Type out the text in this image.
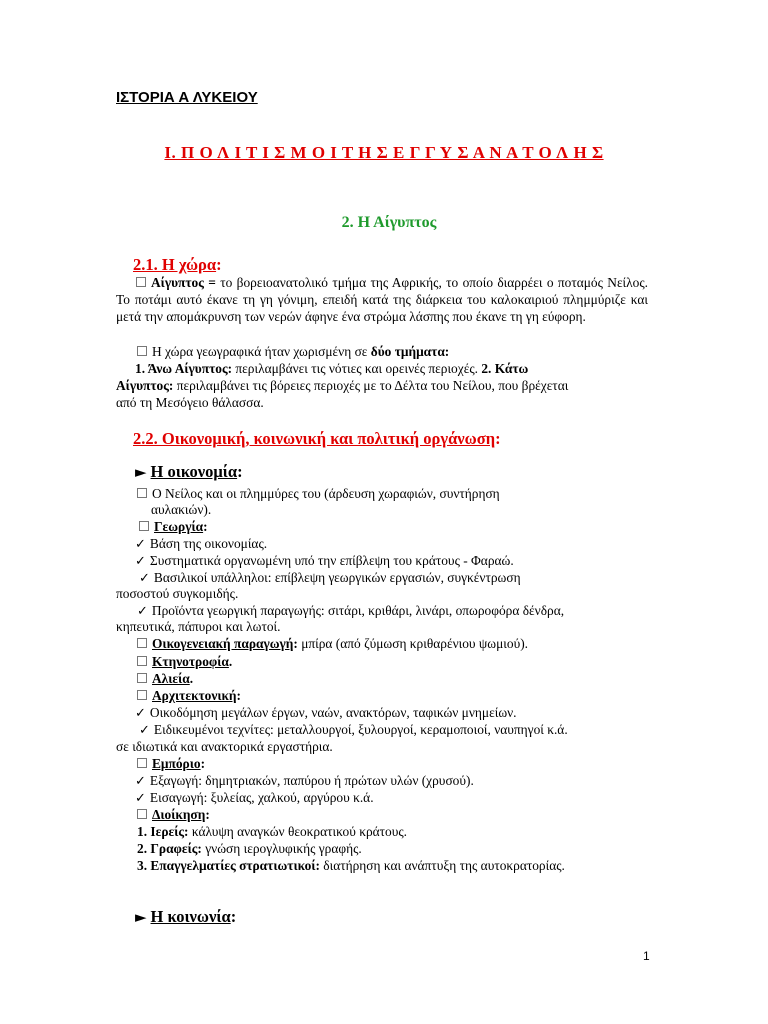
ΙΣΤΟΡΙΑ Α ΛΥΚΕΙΟΥ
Ι. Π Ο Λ Ι Τ Ι Σ Μ Ο Ι Τ Η Σ Ε Γ Γ Υ Σ Α Ν Α Τ Ο Λ Η Σ
2. Η Αίγυπτος
2.1. Η χώρα:
Αίγυπτος = το βορειοανατολικό τμήμα της Αφρικής, το οποίο διαρρέει ο ποταμός Νείλος. Το ποτάμι αυτό έκανε τη γη γόνιμη, επειδή κατά της διάρκεια του καλοκαιριού πλημμύριζε και μετά την απομάκρυνση των νερών άφηνε ένα στρώμα λάσπης που έκανε τη γη εύφορη.
Η χώρα γεωγραφικά ήταν χωρισμένη σε δύο τμήματα:
1. Άνω Αίγυπτος: περιλαμβάνει τις νότιες και ορεινές περιοχές. 2. Κάτω
Αίγυπτος: περιλαμβάνει τις βόρειες περιοχές με το Δέλτα του Νείλου, που βρέχεται
από τη Μεσόγειο θάλασσα.
2.2. Οικονομική, κοινωνική και πολιτική οργάνωση:
► Η οικονομία:
Ο Νείλος και οι πλημμύρες του (άρδευση χωραφιών, συντήρηση
αυλακιών).
Γεωργία:
✓ Βάση της οικονομίας.
✓ Συστηματικά οργανωμένη υπό την επίβλεψη του κράτους - Φαραώ.
✓ Βασιλικοί υπάλληλοι: επίβλεψη γεωργικών εργασιών, συγκέντρωση
ποσοστού συγκομιδής.
✓ Προϊόντα γεωργική παραγωγής: σιτάρι, κριθάρι, λινάρι, οπωροφόρα δένδρα,
κηπευτικά, πάπυροι και λωτοί.
Οικογενειακή παραγωγή: μπίρα (από ζύμωση κριθαρένιου ψωμιού).
Κτηνοτροφία.
Αλιεία.
Αρχιτεκτονική:
✓ Οικοδόμηση μεγάλων έργων, ναών, ανακτόρων, ταφικών μνημείων.
✓ Ειδικευμένοι τεχνίτες: μεταλλουργοί, ξυλουργοί, κεραμοποιοί, ναυπηγοί κ.ά.
σε ιδιωτικά και ανακτορικά εργαστήρια.
Εμπόριο:
✓ Εξαγωγή: δημητριακών, παπύρου ή πρώτων υλών (χρυσού).
✓ Εισαγωγή: ξυλείας, χαλκού, αργύρου κ.ά.
Διοίκηση:
1. Ιερείς: κάλυψη αναγκών θεοκρατικού κράτους.
2. Γραφείς: γνώση ιερογλυφικής γραφής.
3. Επαγγελματίες στρατιωτικοί: διατήρηση και ανάπτυξη της αυτοκρατορίας.
► Η κοινωνία:
1
